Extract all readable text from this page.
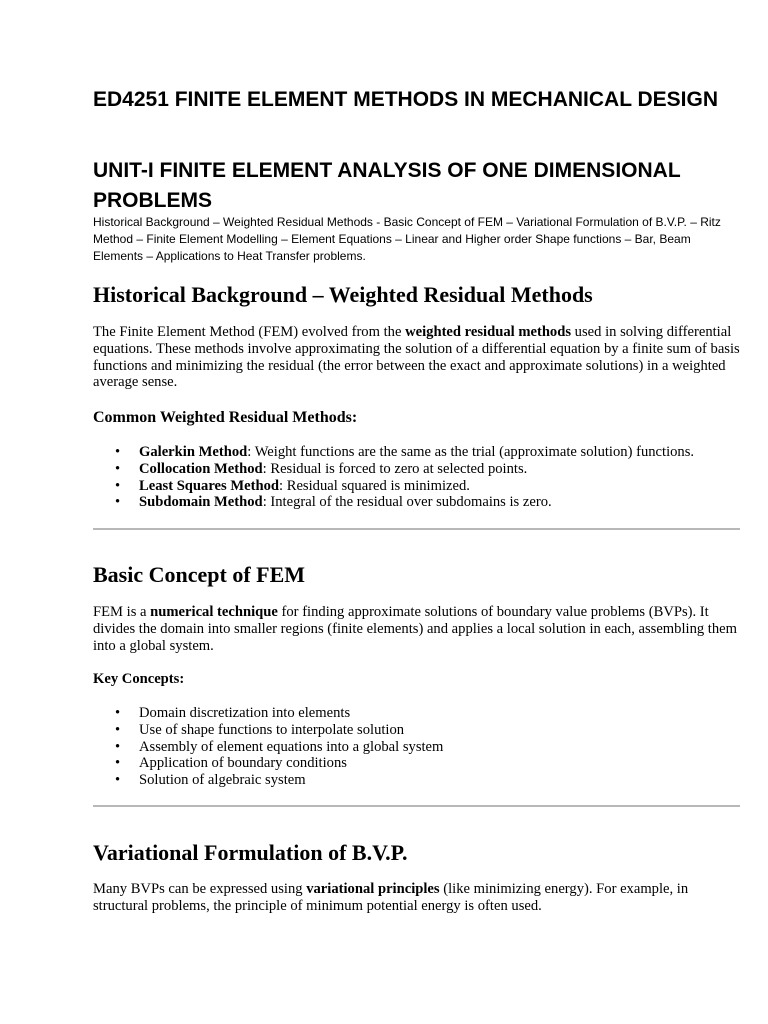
ED4251 FINITE ELEMENT METHODS IN MECHANICAL DESIGN
UNIT-I FINITE ELEMENT ANALYSIS OF ONE DIMENSIONAL PROBLEMS

Historical Background – Weighted Residual Methods - Basic Concept of FEM – Variational Formulation of B.V.P. – Ritz Method – Finite Element Modelling – Element Equations – Linear and Higher order Shape functions – Bar, Beam Elements – Applications to Heat Transfer problems.

Historical Background – Weighted Residual Methods

The Finite Element Method (FEM) evolved from the weighted residual methods used in solving differential equations. These methods involve approximating the solution of a differential equation by a finite sum of basis functions and minimizing the residual (the error between the exact and approximate solutions) in a weighted average sense.

Common Weighted Residual Methods:
• Galerkin Method: Weight functions are the same as the trial (approximate solution) functions.
• Collocation Method: Residual is forced to zero at selected points.
• Least Squares Method: Residual squared is minimized.
• Subdomain Method: Integral of the residual over subdomains is zero.
Basic Concept of FEM

FEM is a numerical technique for finding approximate solutions of boundary value problems (BVPs). It divides the domain into smaller regions (finite elements) and applies a local solution in each, assembling them into a global system.

Key Concepts:
• Domain discretization into elements
• Use of shape functions to interpolate solution
• Assembly of element equations into a global system
• Application of boundary conditions
• Solution of algebraic system
Variational Formulation of B.V.P.

Many BVPs can be expressed using variational principles (like minimizing energy). For example, in structural problems, the principle of minimum potential energy is often used.
